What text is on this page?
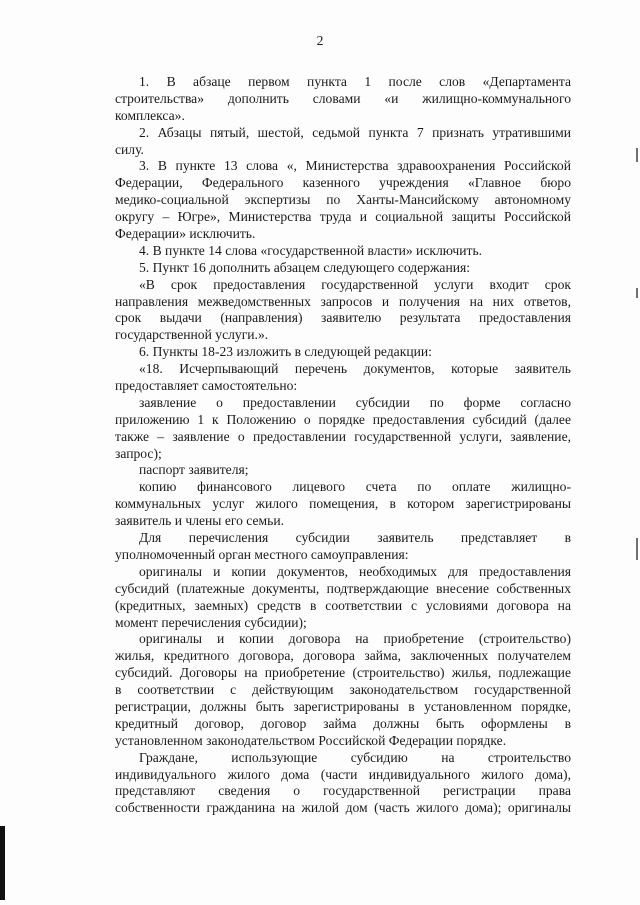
2
1. В абзаце первом пункта 1 после слов «Департамента
строительства» дополнить словами «и жилищно-коммунального
комплекса».
2. Абзацы пятый, шестой, седьмой пункта 7 признать утратившими
силу.
3. В пункте 13 слова «, Министерства здравоохранения Российской
Федерации, Федерального казенного учреждения «Главное бюро
медико-социальной экспертизы по Ханты-Мансийскому автономному
округу – Югре», Министерства труда и социальной защиты Российской
Федерации» исключить.
4. В пункте 14 слова «государственной власти» исключить.
5. Пункт 16 дополнить абзацем следующего содержания:
«В срок предоставления государственной услуги входит срок
направления межведомственных запросов и получения на них ответов,
срок выдачи (направления) заявителю результата предоставления
государственной услуги.».
6. Пункты 18-23 изложить в следующей редакции:
«18. Исчерпывающий перечень документов, которые заявитель
предоставляет самостоятельно:
заявление о предоставлении субсидии по форме согласно
приложению 1 к Положению о порядке предоставления субсидий (далее
также – заявление о предоставлении государственной услуги, заявление,
запрос);
паспорт заявителя;
копию финансового лицевого счета по оплате жилищно-
коммунальных услуг жилого помещения, в котором зарегистрированы
заявитель и члены его семьи.
Для перечисления субсидии заявитель представляет в
уполномоченный орган местного самоуправления:
оригиналы и копии документов, необходимых для предоставления
субсидий (платежные документы, подтверждающие внесение собственных
(кредитных, заемных) средств в соответствии с условиями договора на
момент перечисления субсидии);
оригиналы и копии договора на приобретение (строительство)
жилья, кредитного договора, договора займа, заключенных получателем
субсидий. Договоры на приобретение (строительство) жилья, подлежащие
в соответствии с действующим законодательством государственной
регистрации, должны быть зарегистрированы в установленном порядке,
кредитный договор, договор займа должны быть оформлены в
установленном законодательством Российской Федерации порядке.
Граждане, использующие субсидию на строительство
индивидуального жилого дома (части индивидуального жилого дома),
представляют сведения о государственной регистрации права
собственности гражданина на жилой дом (часть жилого дома); оригиналы
